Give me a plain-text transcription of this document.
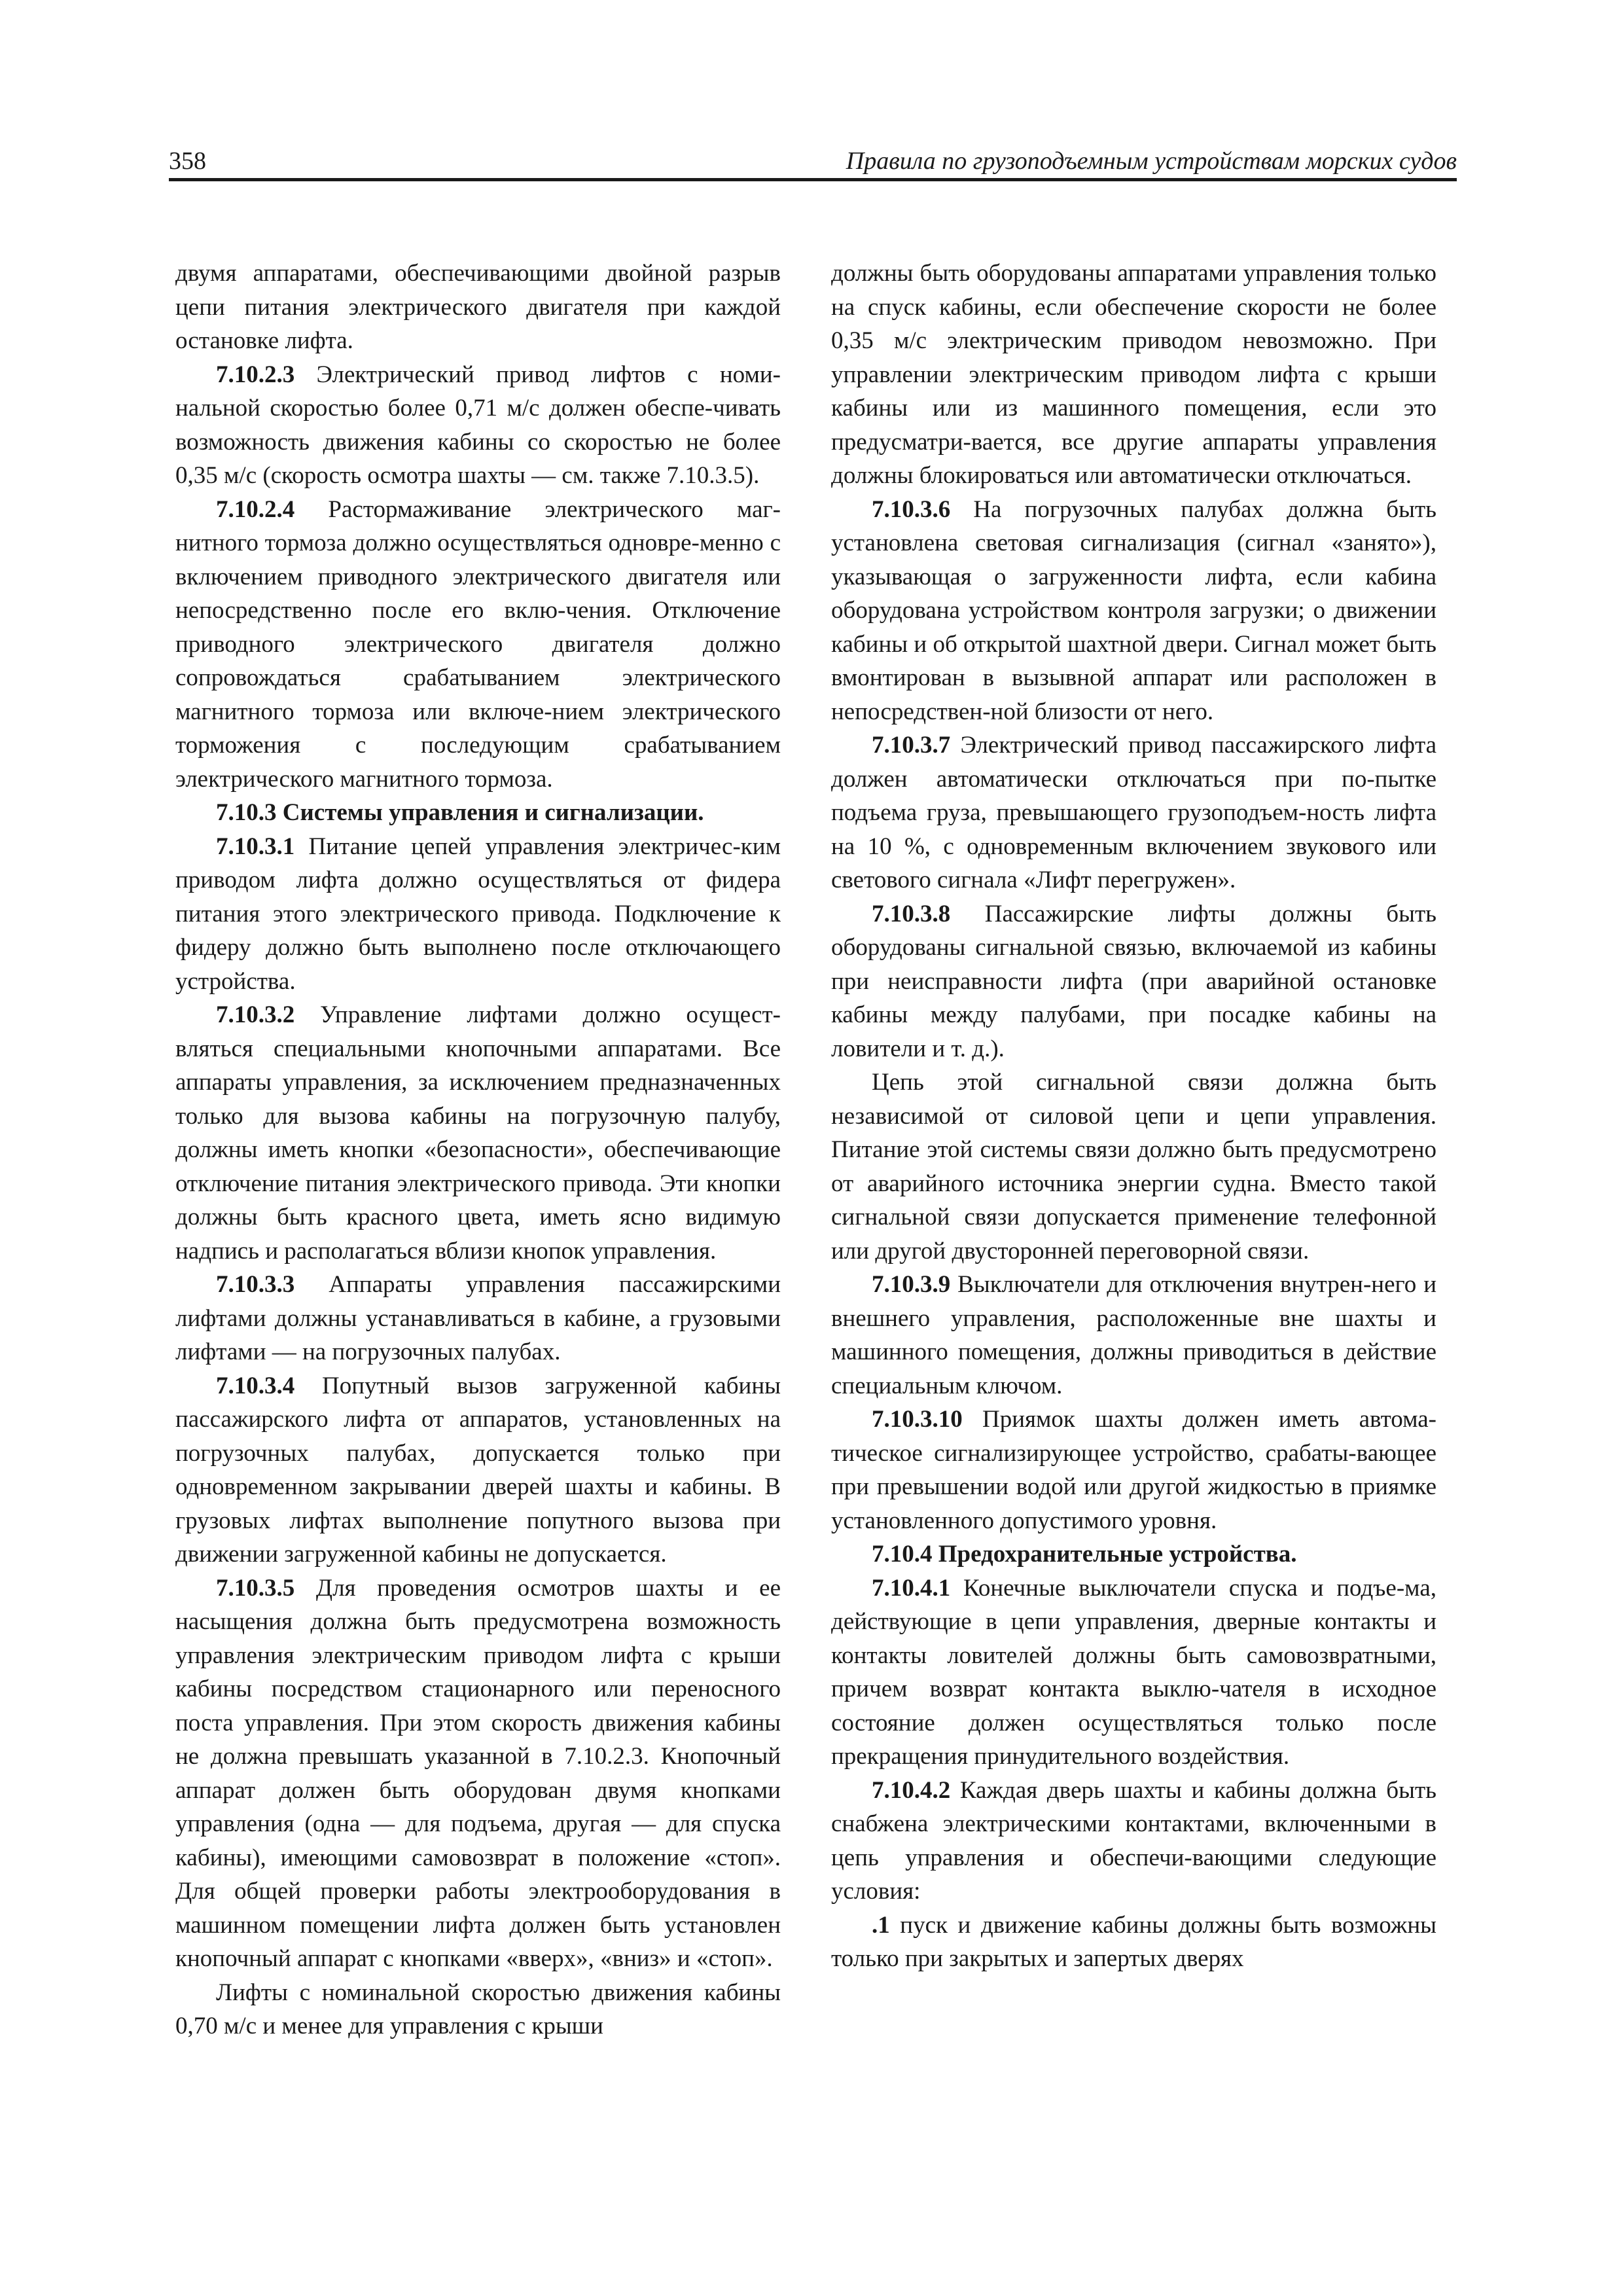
358	Правила по грузоподъемным устройствам морских судов

двумя аппаратами, обеспечивающими двойной разрыв цепи питания электрического двигателя при каждой остановке лифта.

7.10.2.3 Электрический привод лифтов с номи-нальной скоростью более 0,71 м/с должен обеспе-чивать возможность движения кабины со скоростью не более 0,35 м/с (скорость осмотра шахты — см. также 7.10.3.5).

7.10.2.4 Растормаживание электрического маг-нитного тормоза должно осуществляться одновре-менно с включением приводного электрического двигателя или непосредственно после его вклю-чения. Отключение приводного электрического двигателя должно сопровождаться срабатыванием электрического магнитного тормоза или включе-нием электрического торможения с последующим срабатыванием электрического магнитного тормоза.

7.10.3 Системы управления и сигнализации.

7.10.3.1 Питание цепей управления электричес-ким приводом лифта должно осуществляться от фидера питания этого электрического привода. Подключение к фидеру должно быть выполнено после отключающего устройства.

7.10.3.2 Управление лифтами должно осущест-вляться специальными кнопочными аппаратами. Все аппараты управления, за исключением предназначенных только для вызова кабины на погрузочную палубу, должны иметь кнопки «безопасности», обеспечивающие отключение питания электрического привода. Эти кнопки должны быть красного цвета, иметь ясно видимую надпись и располагаться вблизи кнопок управления.

7.10.3.3 Аппараты управления пассажирскими лифтами должны устанавливаться в кабине, а грузовыми лифтами — на погрузочных палубах.

7.10.3.4 Попутный вызов загруженной кабины пассажирского лифта от аппаратов, установленных на погрузочных палубах, допускается только при одновременном закрывании дверей шахты и кабины. В грузовых лифтах выполнение попутного вызова при движении загруженной кабины не допускается.

7.10.3.5 Для проведения осмотров шахты и ее насыщения должна быть предусмотрена возможность управления электрическим приводом лифта с крыши кабины посредством стационарного или переносного поста управления. При этом скорость движения кабины не должна превышать указанной в 7.10.2.3. Кнопочный аппарат должен быть оборудован двумя кнопками управления (одна — для подъема, другая — для спуска кабины), имеющими самовозврат в положение «стоп». Для общей проверки работы электрооборудования в машинном помещении лифта должен быть установлен кнопочный аппарат с кнопками «вверх», «вниз» и «стоп».

Лифты с номинальной скоростью движения кабины 0,70 м/с и менее для управления с крыши

должны быть оборудованы аппаратами управления только на спуск кабины, если обеспечение скорости не более 0,35 м/с электрическим приводом невозможно. При управлении электрическим приводом лифта с крыши кабины или из машинного помещения, если это предусматри-вается, все другие аппараты управления должны блокироваться или автоматически отключаться.

7.10.3.6 На погрузочных палубах должна быть установлена световая сигнализация (сигнал «занято»), указывающая о загруженности лифта, если кабина оборудована устройством контроля загрузки; о движении кабины и об открытой шахтной двери. Сигнал может быть вмонтирован в вызывной аппарат или расположен в непосредствен-ной близости от него.

7.10.3.7 Электрический привод пассажирского лифта должен автоматически отключаться при по-пытке подъема груза, превышающего грузоподъем-ность лифта на 10 %, с одновременным включением звукового или светового сигнала «Лифт перегружен».

7.10.3.8 Пассажирские лифты должны быть оборудованы сигнальной связью, включаемой из кабины при неисправности лифта (при аварийной остановке кабины между палубами, при посадке кабины на ловители и т. д.).

Цепь этой сигнальной связи должна быть независимой от силовой цепи и цепи управления. Питание этой системы связи должно быть предусмотрено от аварийного источника энергии судна. Вместо такой сигнальной связи допускается применение телефонной или другой двусторонней переговорной связи.

7.10.3.9 Выключатели для отключения внутрен-него и внешнего управления, расположенные вне шахты и машинного помещения, должны приводиться в действие специальным ключом.

7.10.3.10 Приямок шахты должен иметь автома-тическое сигнализирующее устройство, срабаты-вающее при превышении водой или другой жидкостью в приямке установленного допустимого уровня.

7.10.4 Предохранительные устройства.

7.10.4.1 Конечные выключатели спуска и подъе-ма, действующие в цепи управления, дверные контакты и контакты ловителей должны быть самовозвратными, причем возврат контакта выклю-чателя в исходное состояние должен осуществляться только после прекращения принудительного воздействия.

7.10.4.2 Каждая дверь шахты и кабины должна быть снабжена электрическими контактами, включенными в цепь управления и обеспечи-вающими следующие условия:

.1 пуск и движение кабины должны быть возможны только при закрытых и запертых дверях
